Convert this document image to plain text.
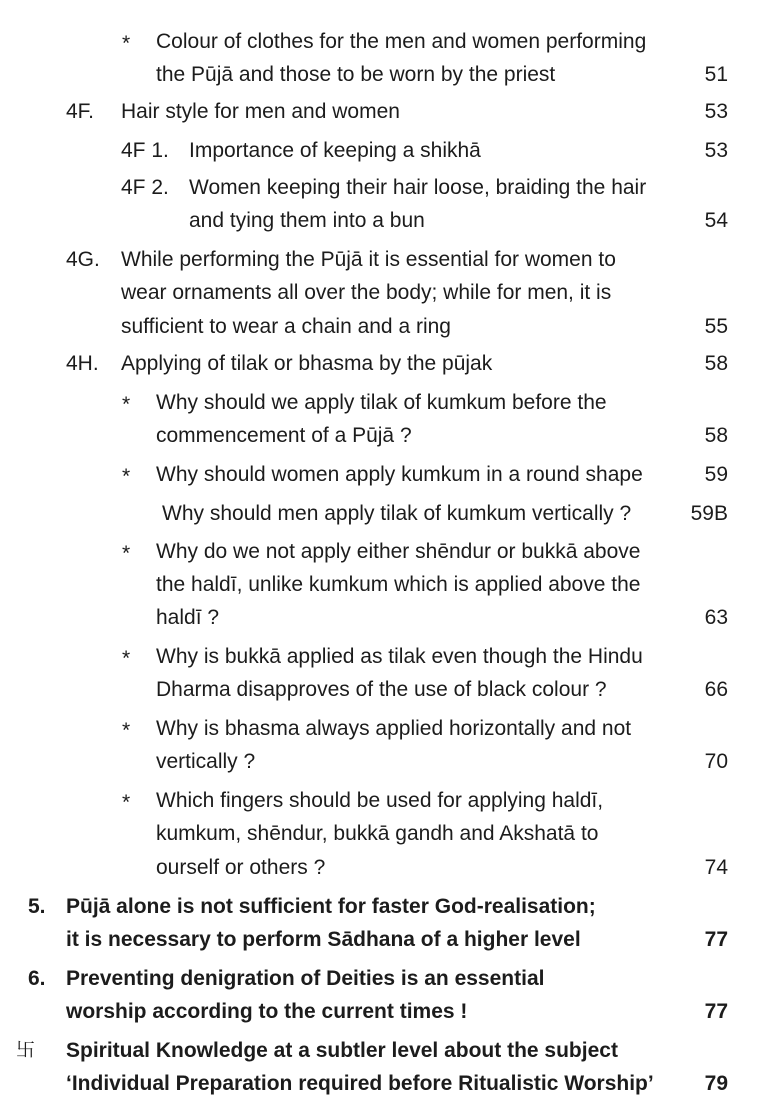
* Colour of clothes for the men and women performing
the Pūjā and those to be worn by the priest	51
4F. Hair style for men and women	53
4F 1. Importance of keeping a shikhā	53
4F 2. Women keeping their hair loose, braiding the hair
and tying them into a bun	54
4G. While performing the Pūjā it is essential for women to
wear ornaments all over the body; while for men, it is
sufficient to wear a chain and a ring	55
4H. Applying of tilak or bhasma by the pūjak	58
* Why should we apply tilak of kumkum before the
commencement of a Pūjā ?	58
* Why should women apply kumkum in a round shape	59
Why should men apply tilak of kumkum vertically ?	59B
* Why do we not apply either shēndur or bukkā above
the haldī, unlike kumkum which is applied above the
haldī ?	63
* Why is bukkā applied as tilak even though the Hindu
Dharma disapproves of the use of black colour ?	66
* Why is bhasma always applied horizontally and not
vertically ?	70
* Which fingers should be used for applying haldī,
kumkum, shēndur, bukkā gandh and Akshatā to
ourself or others ?	74
5. Pūjā alone is not sufficient for faster God-realisation;
it is necessary to perform Sādhana of a higher level	77
6. Preventing denigration of Deities is an essential
worship according to the current times !	77
卐 Spiritual Knowledge at a subtler level about the subject
‘Individual Preparation required before Ritualistic Worship’ 79
